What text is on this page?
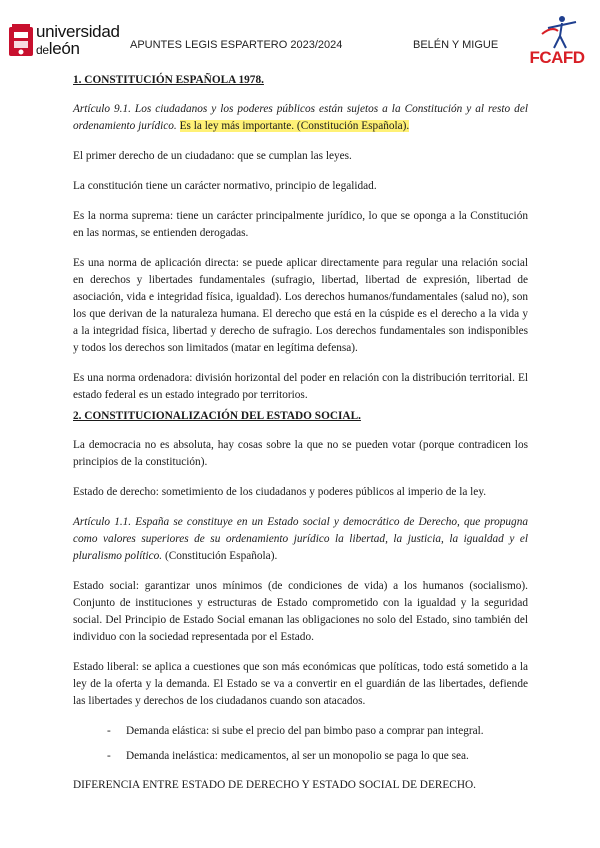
universidad
deleón	APUNTES LEGIS ESPARTERO 2023/2024	BELÉN Y MIGUE
FCAFD
1. CONSTITUCIÓN ESPAÑOLA 1978.

Artículo 9.1. Los ciudadanos y los poderes públicos están sujetos a la Constitución y al resto del ordenamiento jurídico. Es la ley más importante. (Constitución Española).

El primer derecho de un ciudadano: que se cumplan las leyes.

La constitución tiene un carácter normativo, principio de legalidad.

Es la norma suprema: tiene un carácter principalmente jurídico, lo que se oponga a la Constitución en las normas, se entienden derogadas.

Es una norma de aplicación directa: se puede aplicar directamente para regular una relación social en derechos y libertades fundamentales (sufragio, libertad, libertad de expresión, libertad de asociación, vida e integridad física, igualdad). Los derechos humanos/fundamentales (salud no), son los que derivan de la naturaleza humana. El derecho que está en la cúspide es el derecho a la vida y a la integridad física, libertad y derecho de sufragio. Los derechos fundamentales son indisponibles y todos los derechos son limitados (matar en legítima defensa).

Es una norma ordenadora: división horizontal del poder en relación con la distribución territorial. El estado federal es un estado integrado por territorios.

2. CONSTITUCIONALIZACIÓN DEL ESTADO SOCIAL.

La democracia no es absoluta, hay cosas sobre la que no se pueden votar (porque contradicen los principios de la constitución).

Estado de derecho: sometimiento de los ciudadanos y poderes públicos al imperio de la ley.

Artículo 1.1. España se constituye en un Estado social y democrático de Derecho, que propugna como valores superiores de su ordenamiento jurídico la libertad, la justicia, la igualdad y el pluralismo político. (Constitución Española).

Estado social: garantizar unos mínimos (de condiciones de vida) a los humanos (socialismo). Conjunto de instituciones y estructuras de Estado comprometido con la igualdad y la seguridad social. Del Principio de Estado Social emanan las obligaciones no solo del Estado, sino también del individuo con la sociedad representada por el Estado.

Estado liberal: se aplica a cuestiones que son más económicas que políticas, todo está sometido a la ley de la oferta y la demanda. El Estado se va a convertir en el guardián de las libertades, defiende las libertades y derechos de los ciudadanos cuando son atacados.

- Demanda elástica: si sube el precio del pan bimbo paso a comprar pan integral.
- Demanda inelástica: medicamentos, al ser un monopolio se paga lo que sea.

DIFERENCIA ENTRE ESTADO DE DERECHO Y ESTADO SOCIAL DE DERECHO.
